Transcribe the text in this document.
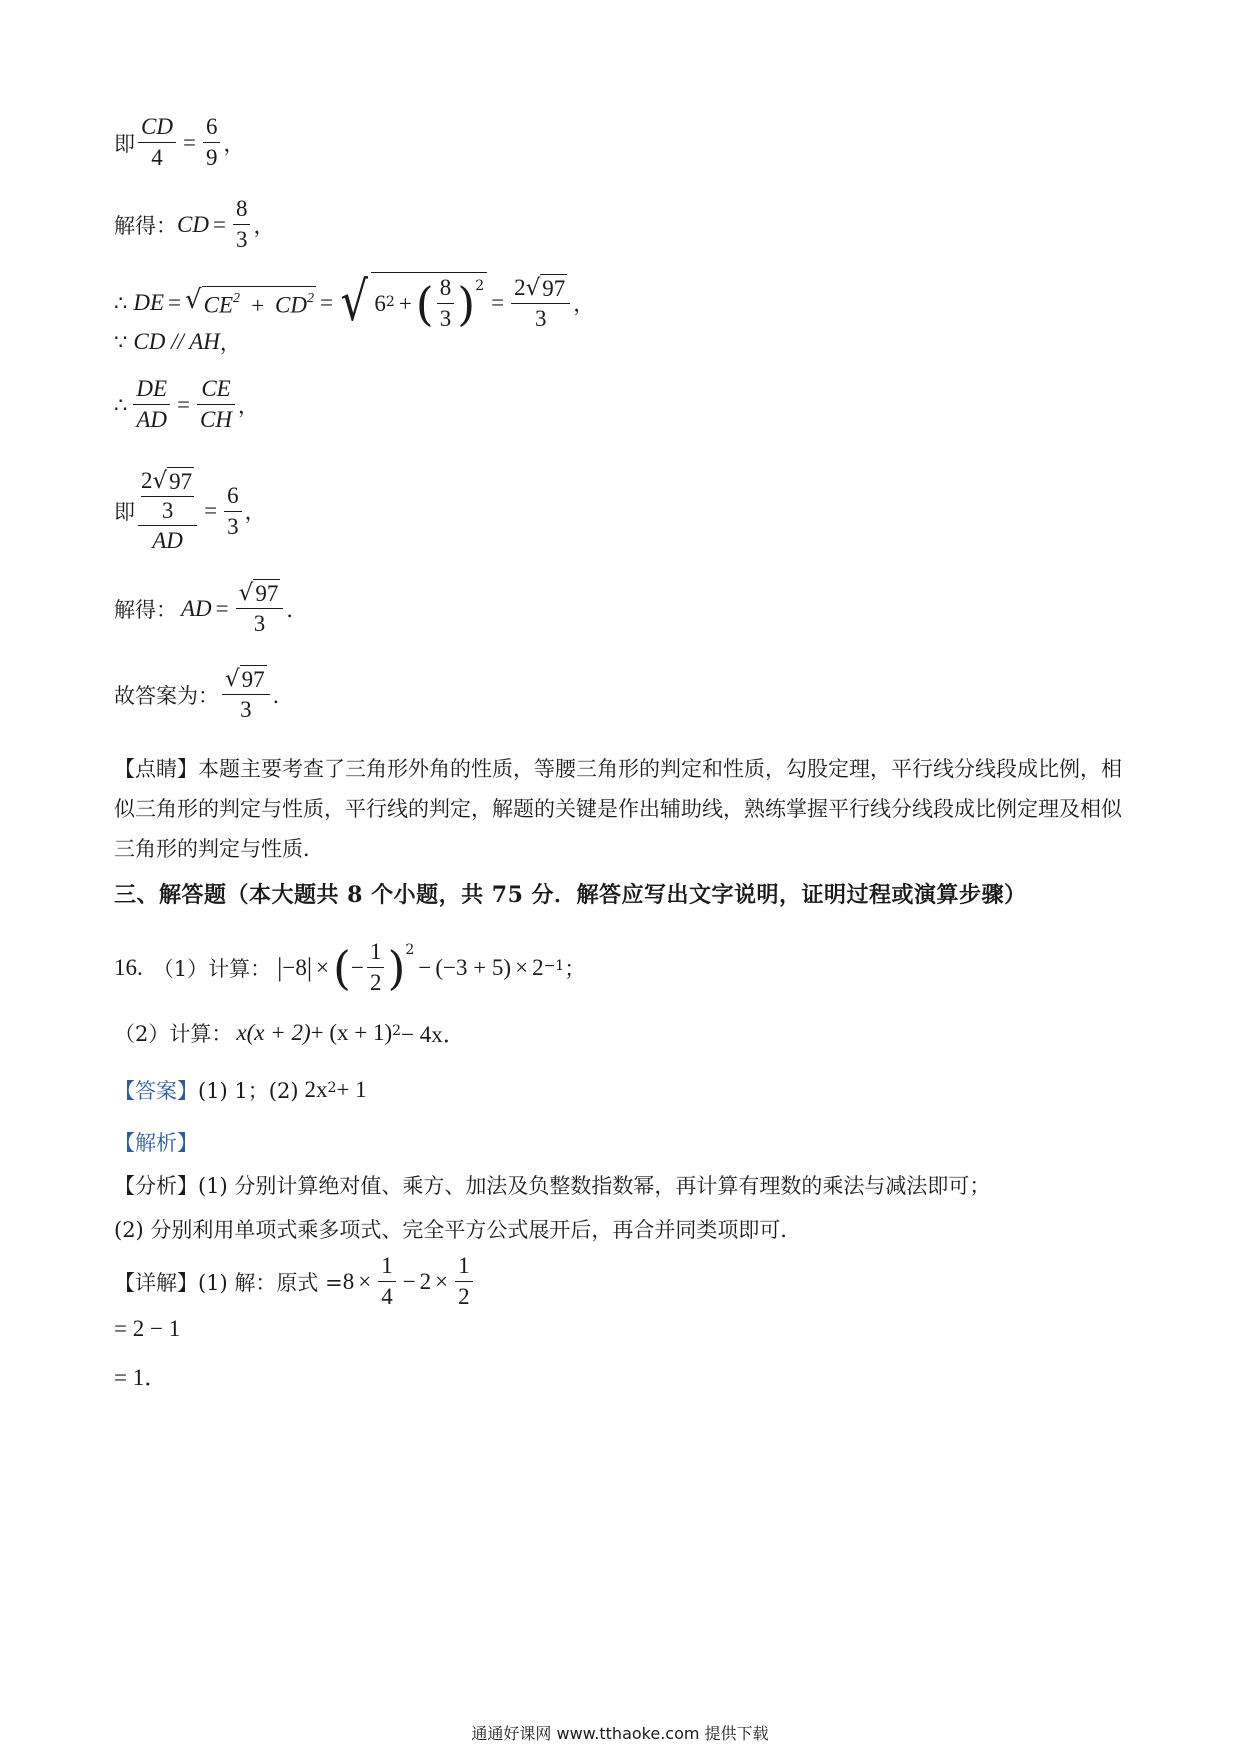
即 $\frac{CD}{4} = \frac{6}{9}$ ，
解得： CD = $\frac{8}{3}$ ，
∴ DE = √ $CE^2 + CD^2$ = √ $6^2$ + ( $\frac{8}{3} )^2$
= $\frac{2 √ 97}{3}$ ，
∵ CD // AH ，
∴ $\frac{DE}{AD} = \frac{CE}{CH}$ ，
即 2 √ 97
3
AD = $\frac{6}{3}$ ，
解得： AD = $\frac{√ 97}{3}$ ．
故答案为： $\frac{√ 97}{3}$ ．
【点睛】本题主要考查了三角形外角的性质，等腰三角形的判定和性质，勾股定理，平行线分线段成比例，相似三角形的判定与性质，平行线的判定，解题的关键是作出辅助线，熟练掌握平行线分线段成比例定理及相似三角形的判定与性质．
三、解答题（本大题共 8 个小题，共 75 分．解答应写出文字说明，证明过程或演算步骤）
16. （1）计算： | −8 | × ( − $\frac{1}{2} )^2$
− $(-3 + 5) \times 2^{-1}$ ；
（2）计算： $x(x + 2) + (x + 1)^2 - 4x$．
【答案】 (1) 1；(2) $2x^2 + 1$
【解析】
【分析】(1) 分别计算绝对值、乘方、加法及负整数指数幂，再计算有理数的乘法与减法即可；
(2) 分别利用单项式乘多项式、完全平方公式展开后，再合并同类项即可．
【详解】(1) 解：原式 = $8 \times \frac{1}{4} - 2 \times \frac{1}{2}$
= 2 − 1
= 1．
通通好课网 www.tthaoke.com 提供下载
